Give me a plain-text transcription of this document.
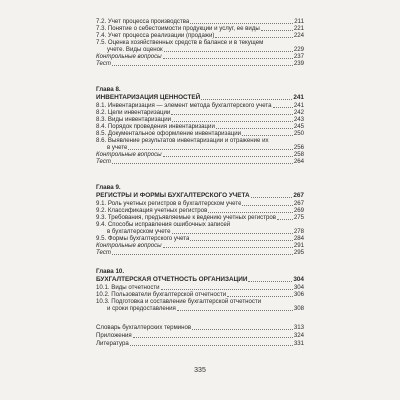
7.2. Учет процесса производства	211
7.3. Понятие о себестоимости продукции и услуг, ее виды	221
7.4. Учет процесса реализации (продажи)	224
7.5. Оценка хозяйственных средств в балансе и в текущем
учете. Виды оценок	229
Контрольные вопросы	237
Тест	239
Глава 8.
ИНВЕНТАРИЗАЦИЯ ЦЕННОСТЕЙ	241
8.1. Инвентаризация — элемент метода бухгалтерского учета	241
8.2. Цели инвентаризации	242
8.3. Виды инвентаризации	243
8.4. Порядок проведения инвентаризации	245
8.5. Документальное оформление инвентаризации	250
8.6. Выявление результатов инвентаризации и отражение их
в учете	256
Контрольные вопросы	258
Тест	264
Глава 9.
РЕГИСТРЫ И ФОРМЫ БУХГАЛТЕРСКОГО УЧЕТА	267
9.1. Роль учетных регистров в бухгалтерском учете	267
9.2. Классификация учетных регистров	269
9.3. Требования, предъявляемые к ведению учетных регистров	275
9.4. Способы исправления ошибочных записей
в бухгалтерском учете	278
9.5. Формы бухгалтерского учета	284
Контрольные вопросы	291
Тест	295
Глава 10.
БУХГАЛТЕРСКАЯ ОТЧЕТНОСТЬ ОРГАНИЗАЦИИ	304
10.1. Виды отчетности	304
10.2. Пользователи бухгалтерской отчетности	306
10.3. Подготовка и составление бухгалтерской отчетности
и сроки предоставления	308
Словарь бухгалтерских терминов	313
Приложения	324
Литература	331
335
